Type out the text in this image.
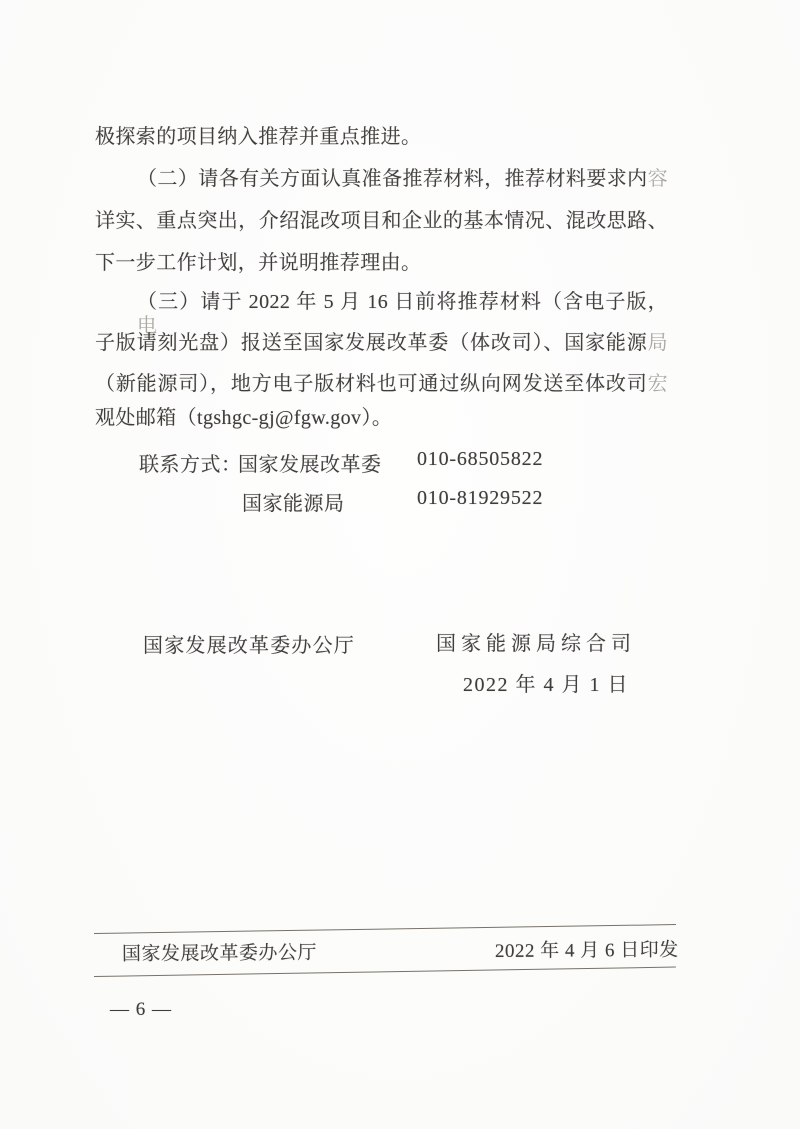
极探索的项目纳入推荐并重点推进。
（二）请各有关方面认真准备推荐材料，推荐材料要求内容
详实、重点突出，介绍混改项目和企业的基本情况、混改思路、
下一步工作计划，并说明推荐理由。
（三）请于 2022 年 5 月 16 日前将推荐材料（含电子版，电
子版请刻光盘）报送至国家发展改革委（体改司）、国家能源局
（新能源司），地方电子版材料也可通过纵向网发送至体改司宏
观处邮箱（tgshgc-gj@fgw.gov）。
联系方式：
国家发展改革委 010-68505822
国家能源局	010-81929522
国家发展改革委办公厅	国家能源局综合司
2022 年 4 月 1 日
国家发展改革委办公厅	2022 年 4 月 6 日印发
— 6 —
